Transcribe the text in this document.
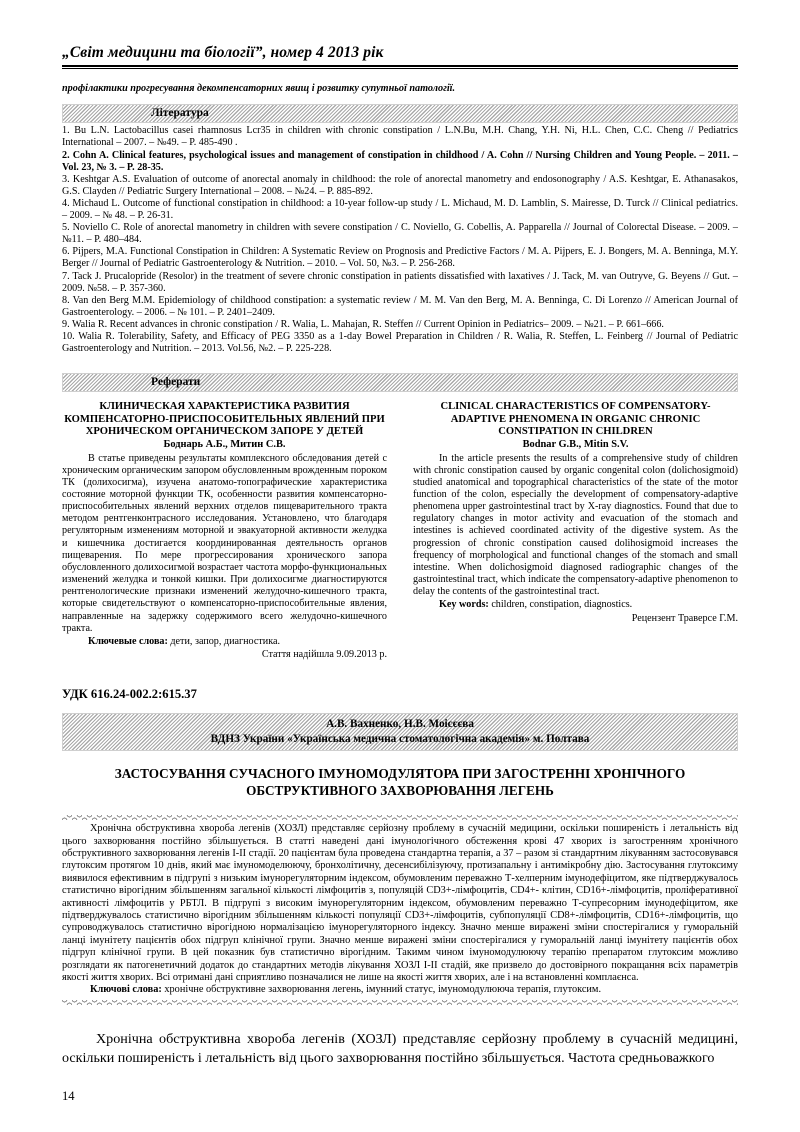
„Світ медицини та біології”, номер 4 2013 рік
профілактики прогресування декомпенсаторних явищ і розвитку супутньої патології.
Література

1. Bu L.N. Lactobacillus casei rhamnosus Lcr35 in children with chronic constipation / L.N.Bu, M.H. Chang, Y.H. Ni, H.L. Chen, C.C. Cheng // Pediatrics International – 2007. – №49. – P. 485-490 .

2. Cohn A. Clinical features, psychological issues and management of constipation in childhood / A. Cohn // Nursing Children and Young People. – 2011. – Vol. 23, № 3. – P. 28-35.

3. Keshtgar A.S. Evaluation of outcome of anorectal anomaly in childhood: the role of anorectal manometry and endosonography / A.S. Keshtgar, E. Athanasakos, G.S. Clayden // Pediatric Surgery International – 2008. – №24. – P. 885-892.

4. Michaud L. Outcome of functional constipation in childhood: a 10-year follow-up study / L. Michaud, M. D. Lamblin, S. Mairesse, D. Turck // Clinical pediatrics. – 2009. – № 48. – P. 26-31.

5. Noviello C. Role of anorectal manometry in children with severe constipation / C. Noviello, G. Cobellis, A. Papparella // Journal of Colorectal Disease. – 2009. – №11. – P. 480–484.

6. Pijpers, M.A. Functional Constipation in Children: A Systematic Review on Prognosis and Predictive Factors / M. A. Pijpers, E. J. Bongers, M. A. Benninga, M.Y. Berger // Journal of Pediatric Gastroenterology & Nutrition. – 2010. – Vol. 50, №3. – P. 256-268.

7. Tack J. Prucalopride (Resolor) in the treatment of severe chronic constipation in patients dissatisfied with laxatives / J. Tack, M. van Outryve, G. Beyens // Gut. – 2009. №58. – P. 357-360.

8. Van den Berg M.M. Epidemiology of childhood constipation: a systematic review / M. M. Van den Berg, M. A. Benninga, C. Di Lorenzo // American Journal of Gastroenterology. – 2006. – № 101. – P. 2401–2409.

9. Walia R. Recent advances in chronic constipation / R. Walia, L. Mahajan, R. Steffen // Current Opinion in Pediatrics– 2009. – №21. – P. 661–666.

10. Walia R. Tolerability, Safety, and Efficacy of PEG 3350 as a 1-day Bowel Preparation in Children / R. Walia, R. Steffen, L. Feinberg // Journal of Pediatric Gastroenterology and Nutrition. – 2013. Vol.56, №2. – P. 225-228.

Реферати
КЛИНИЧЕСКАЯ ХАРАКТЕРИСТИКА РАЗВИТИЯ КОМПЕНСАТОРНО-ПРИСПОСОБИТЕЛЬНЫХ ЯВЛЕНИЙ ПРИ ХРОНИЧЕСКОМ ОРГАНИЧЕСКОМ ЗАПОРЕ У ДЕТЕЙ
Боднарь А.Б., Митин С.В.
В статье приведены результаты комплексного обследования детей с хроническим органическим запором обусловленным врожденным пороком ТК (долихосигма), изучена анатомо-топографические характеристика состояние моторной функции ТК, особенности развития компенсаторно-приспособительных явлений верхних отделов пищеварительного тракта методом рентгенконтрасного исследования. Установлено, что благодаря регуляторным изменениям моторной и эвакуаторной активности желудка и кишечника достигается координированная деятельность органов пищеварения. По мере прогрессирования хронического запора обусловленного долихосигмой возрастает частота морфо-функциональных изменений желудка и тонкой кишки. При долихосигме диагностируются рентгенологические признаки изменений желудочно-кишечного тракта, которые свидетельствуют о компенсаторно-приспособительные явления, направленные на задержку содержимого всего желудочно-кишечного тракта.
Ключевые слова: дети, запор, диагностика.
Стаття надійшла 9.09.2013 р.
CLINICAL CHARACTERISTICS OF COMPENSATORY-ADAPTIVE PHENOMENA IN ORGANIC CHRONIC CONSTIPATION IN CHILDREN
Bodnar G.B., Mitin S.V.
In the article presents the results of a comprehensive study of children with chronic constipation caused by organic congenital colon (dolichosigmoid) studied anatomical and topographical characteristics of the state of the motor function of the colon, especially the development of compensatory-adaptive phenomena upper gastrointestinal tract by X-ray diagnostics. Found that due to regulatory changes in motor activity and evacuation of the stomach and intestines is achieved coordinated activity of the digestive system. As the progression of chronic constipation caused dolihosigmoid increases the frequency of morphological and functional changes of the stomach and small intestine. When dolichosigmoid diagnosed radiographic changes of the gastrointestinal tract, which indicate the compensatory-adaptive phenomenon to delay the contents of the gastrointestinal tract.
Key words: children, constipation, diagnostics.
Рецензент Траверсе Г.М.
УДК 616.24-002.2:615.37
А.В. Вахненко, Н.В. Моісєєва
ВДНЗ України «Українська медична стоматологічна академія» м. Полтава
ЗАСТОСУВАННЯ СУЧАСНОГО ІМУНОМОДУЛЯТОРА ПРИ ЗАГОСТРЕННІ ХРОНІЧНОГО ОБСТРУКТИВНОГО ЗАХВОРЮВАННЯ ЛЕГЕНЬ
Хронічна обструктивна хвороба легенів (ХОЗЛ) представляє серйозну проблему в сучасній медицини, оскільки поширеність і летальність від цього захворювання постійно збільшується. В статті наведені дані імунологічного обстеження крові 47 хворих із загостренням хронічного обструктивного захворювання легенів I-II стадії. 20 пацієнтам була проведена стандартна терапія, а 37 – разом зі стандартним лікуванням застосовувався глутоксим протягом 10 днів, який має імуномоделюючу, бронхолітичну, десенсибілізуючу, протизапальну і антимікробну дію. Застосування глутоксиму виявилося ефективним в підгрупі з низьким імунорегуляторним індексом, обумовленим переважно Т-хелперним імунодефіцитом, яке підтверджувалось статистично вірогідним збільшенням загальної кількості лімфоцитів з, популяцій CD3+-лімфоцитів, CD4+- клітин, CD16+-лімфоцитів, проліферативної активності лімфоцитів у РБТЛ. В підгрупі з високим імунорегуляторним індексом, обумовленим переважно Т-супресорним імунодефіцитом, яке підтверджувалось статистично вірогідним збільшенням кількості популяції CD3+-лімфоцитів, субпопуляції CD8+-лімфоцитів, CD16+-лімфоцитів, що супроводжувалось статистично вірогідною нормалізацією імунорегуляторного індексу. Значно менше виражені зміни спостерігалися у гуморальній ланці імунітету пацієнтів обох підгруп клінічної групи. Значно менше виражені зміни спостерігалися у гуморальній ланці імунітету пацієнтів обох підгруп клінічної групи. В цей показник був статистично вірогідним. Такимм чином імуномодулюючу терапію препаратом глутоксим можливо розглядати як патогенетичний додаток до стандартних методів лікування ХОЗЛ І-ІІ стадій, яке призвело до достовірного покращання всіх параметрів якості життя хворих. Всі отримані дані сприятливо позначалися не лише на якості життя хворих, але і на встановленні комплаєнса.
Ключові слова: хронічне обструктивне захворювання легень, імунний статус, імуномодулюючa терапія, глутоксим.
Хронічна обструктивна хвороба легенів (ХОЗЛ) представляє серйозну проблему в сучасній медицині, оскільки поширеність і летальність від цього захворювання постійно збільшується. Частота средньоважкого
14
